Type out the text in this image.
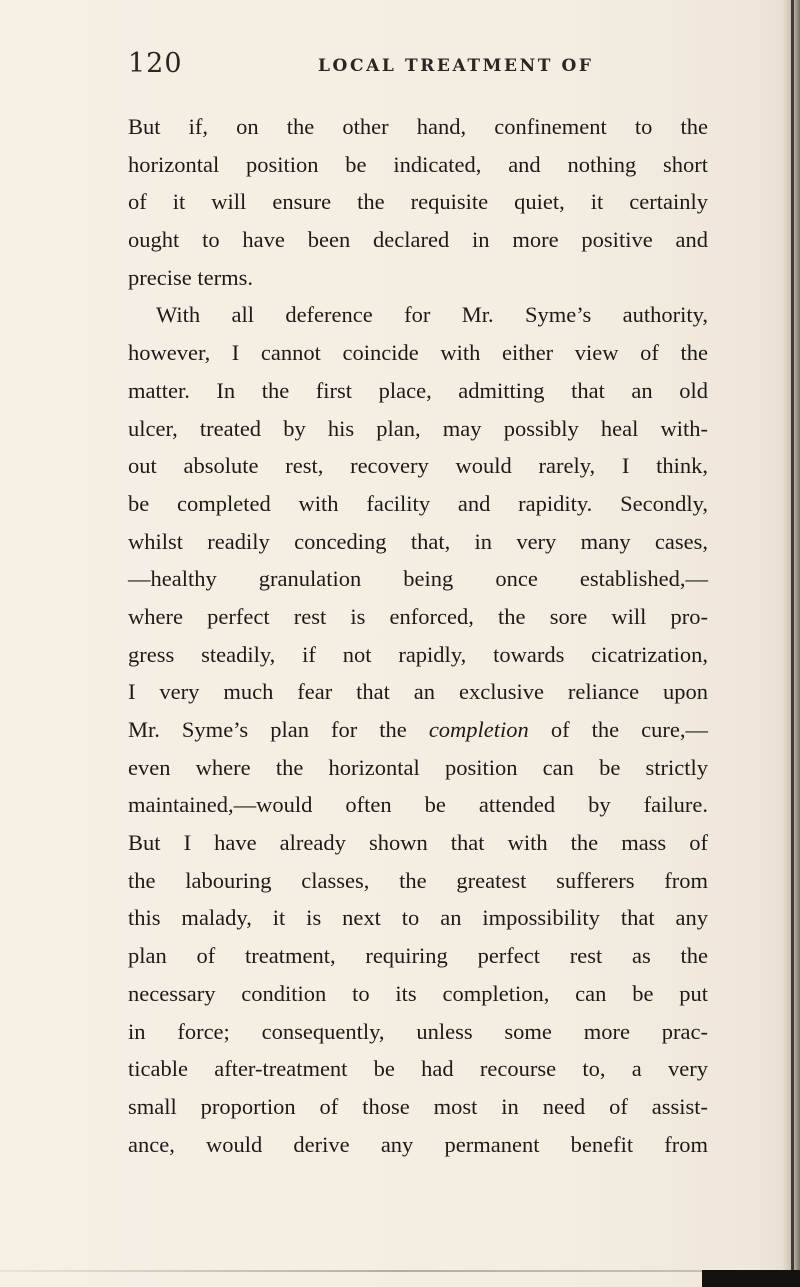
120	LOCAL TREATMENT OF
But if, on the other hand, confinement to the
horizontal position be indicated, and nothing short
of it will ensure the requisite quiet, it certainly
ought to have been declared in more positive and
precise terms.
With all deference for Mr. Syme’s authority,
however, I cannot coincide with either view of the
matter. In the first place, admitting that an old
ulcer, treated by his plan, may possibly heal with-
out absolute rest, recovery would rarely, I think,
be completed with facility and rapidity. Secondly,
whilst readily conceding that, in very many cases,
—healthy granulation being once established,—
where perfect rest is enforced, the sore will pro-
gress steadily, if not rapidly, towards cicatrization,
I very much fear that an exclusive reliance upon
Mr. Syme’s plan for the completion of the cure,—
even where the horizontal position can be strictly
maintained,—would often be attended by failure.
But I have already shown that with the mass of
the labouring classes, the greatest sufferers from
this malady, it is next to an impossibility that any
plan of treatment, requiring perfect rest as the
necessary condition to its completion, can be put
in force; consequently, unless some more prac-
ticable after-treatment be had recourse to, a very
small proportion of those most in need of assist-
ance, would derive any permanent benefit from
